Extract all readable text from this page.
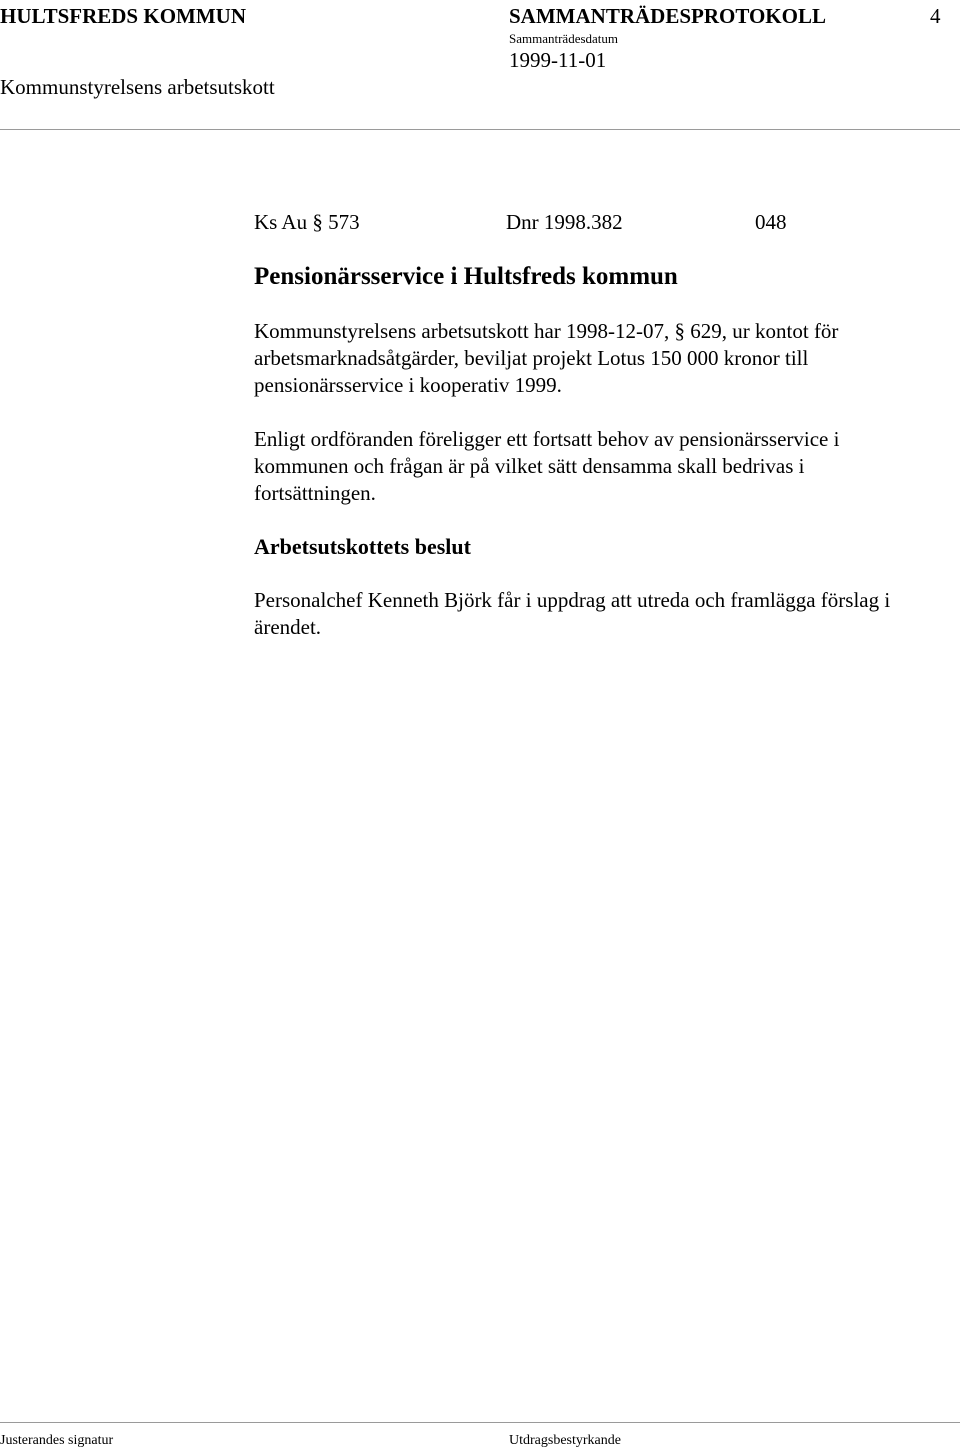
HULTSFREDS KOMMUN	SAMMANTRÄDESPROTOKOLL	4
Sammanträdesdatum
1999-11-01
Kommunstyrelsens arbetsutskott
Ks Au § 573	Dnr 1998.382	048
Pensionärsservice i Hultsfreds kommun
Kommunstyrelsens arbetsutskott har 1998-12-07, § 629, ur kontot för
arbetsmarknadsåtgärder, beviljat projekt Lotus 150 000 kronor till
pensionärsservice i kooperativ 1999.
Enligt ordföranden föreligger ett fortsatt behov av pensionärsservice i
kommunen och frågan är på vilket sätt densamma skall bedrivas i
fortsättningen.
Arbetsutskottets beslut
Personalchef Kenneth Björk får i uppdrag att utreda och framlägga förslag i
ärendet.
Justerandes signatur	Utdragsbestyrkande
